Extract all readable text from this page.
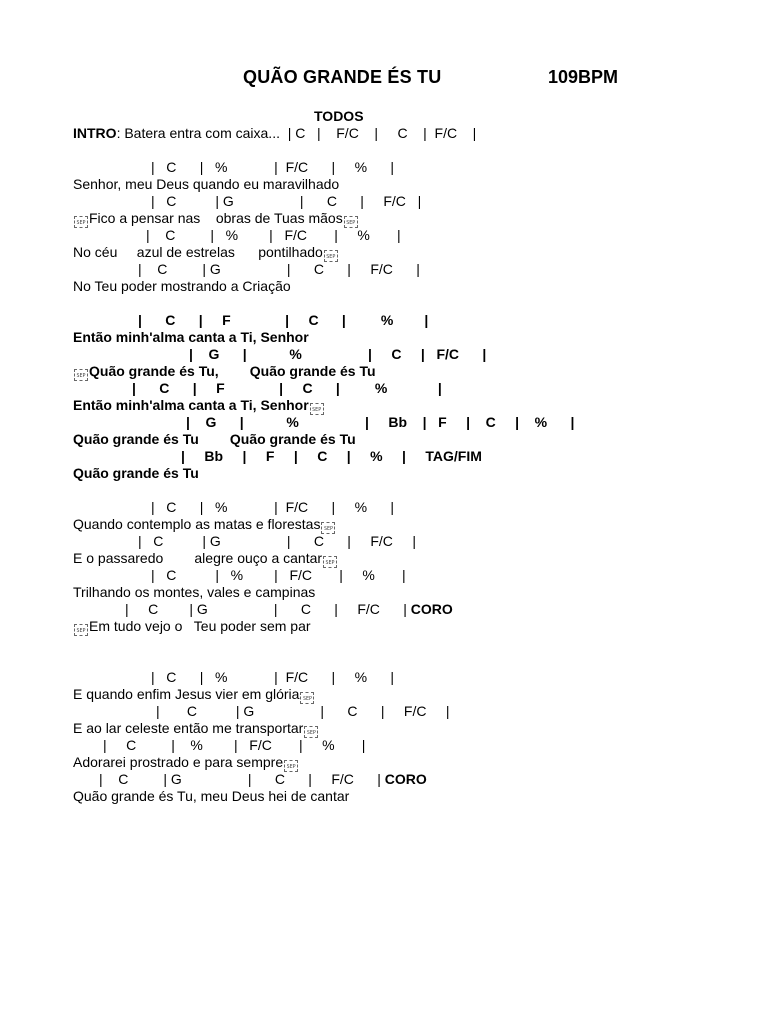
QUÃO GRANDE ÉS TU	109BPM
TODOS
INTRO: Batera entra com caixa...  | C   |    F/C    |     C    |  F/C    |
|   C      |   %            |  F/C      |     %      |
Senhor, meu Deus quando eu maravilhado
|   C          | G                 |      C      |     F/C   |
SEP Fico a pensar nas    obras de Tuas mãos SEP
|    C         |   %        |   F/C       |     %       |
No céu     azul de estrelas      pontilhado SEP
|    C         | G                 |      C      |     F/C      |
No Teu poder mostrando a Criação
|      C      |     F              |     C      |         %        |
Então minh'alma canta a Ti, Senhor
|    G      |           %                 |     C     |   F/C      |
SEP Quão grande és Tu,        Quão grande és Tu
|      C      |     F              |     C      |         %             |
Então minh'alma canta a Ti, Senhor SEP
|    G      |           %                 |     Bb    |   F     |    C     |    %      |
Quão grande és Tu        Quão grande és Tu
|     Bb     |     F     |     C     |     %     |     TAG/FIM
Quão grande és Tu
|   C      |   %            |  F/C      |     %      |
Quando contemplo as matas e florestas SEP
|   C          | G                 |      C      |     F/C     |
E o passaredo        alegre ouço a cantar SEP
|   C          |   %        |   F/C       |     %       |
Trilhando os montes, vales e campinas
|     C        | G                 |      C      |     F/C      | CORO
SEP Em tudo vejo o   Teu poder sem par
|   C      |   %            |  F/C      |     %      |
E quando enfim Jesus vier em glória SEP
|       C          | G                 |      C      |     F/C     |
E ao lar celeste então me transportar SEP
|     C         |    %        |   F/C       |     %       |
Adorarei prostrado e para sempre SEP
|    C         | G                 |      C      |     F/C      | CORO
Quão grande és Tu, meu Deus hei de cantar
